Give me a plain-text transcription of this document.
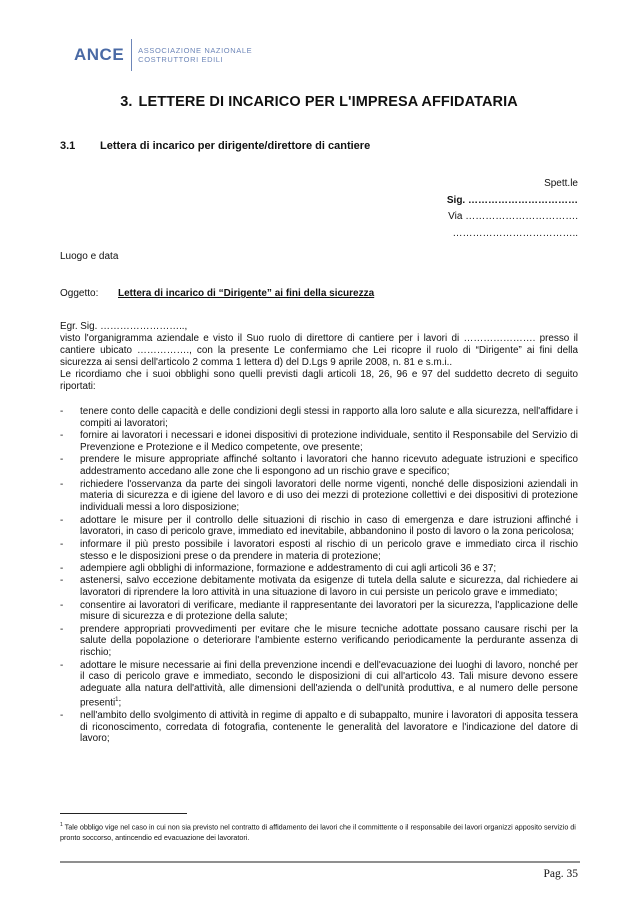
ANCE ASSOCIAZIONE NAZIONALE
COSTRUTTORI EDILI
3. LETTERE DI INCARICO PER L'IMPRESA AFFIDATARIA
3.1 Lettera di incarico per dirigente/direttore di cantiere
Spett.le
Sig. ……………………………
Via …………………………….
………………………………..
Luogo e data
Oggetto: Lettera di incarico di “Dirigente” ai fini della sicurezza

Egr. Sig. ……………………..,

visto l'organigramma aziendale e visto il Suo ruolo di direttore di cantiere per i lavori di …………………. presso il cantiere ubicato ……………., con la presente Le confermiamo che Lei ricopre il ruolo di “Dirigente” ai fini della sicurezza ai sensi dell'articolo 2 comma 1 lettera d) del D.Lgs 9 aprile 2008, n. 81 e s.m.i..

Le ricordiamo che i suoi obblighi sono quelli previsti dagli articoli 18, 26, 96 e 97 del suddetto decreto di seguito riportati:

- tenere conto delle capacità e delle condizioni degli stessi in rapporto alla loro salute e alla sicurezza, nell'affidare i compiti ai lavoratori;
- fornire ai lavoratori i necessari e idonei dispositivi di protezione individuale, sentito il Responsabile del Servizio di Prevenzione e Protezione e il Medico competente, ove presente;
- prendere le misure appropriate affinché soltanto i lavoratori che hanno ricevuto adeguate istruzioni e specifico addestramento accedano alle zone che li espongono ad un rischio grave e specifico;
- richiedere l'osservanza da parte dei singoli lavoratori delle norme vigenti, nonché delle disposizioni aziendali in materia di sicurezza e di igiene del lavoro e di uso dei mezzi di protezione collettivi e dei dispositivi di protezione individuali messi a loro disposizione;
- adottare le misure per il controllo delle situazioni di rischio in caso di emergenza e dare istruzioni affinché i lavoratori, in caso di pericolo grave, immediato ed inevitabile, abbandonino il posto di lavoro o la zona pericolosa;
- informare il più presto possibile i lavoratori esposti al rischio di un pericolo grave e immediato circa il rischio stesso e le disposizioni prese o da prendere in materia di protezione;
- adempiere agli obblighi di informazione, formazione e addestramento di cui agli articoli 36 e 37;
- astenersi, salvo eccezione debitamente motivata da esigenze di tutela della salute e sicurezza, dal richiedere ai lavoratori di riprendere la loro attività in una situazione di lavoro in cui persiste un pericolo grave e immediato;
- consentire ai lavoratori di verificare, mediante il rappresentante dei lavoratori per la sicurezza, l'applicazione delle misure di sicurezza e di protezione della salute;
- prendere appropriati provvedimenti per evitare che le misure tecniche adottate possano causare rischi per la salute della popolazione o deteriorare l'ambiente esterno verificando periodicamente la perdurante assenza di rischio;
- adottare le misure necessarie ai fini della prevenzione incendi e dell'evacuazione dei luoghi di lavoro, nonché per il caso di pericolo grave e immediato, secondo le disposizioni di cui all'articolo 43. Tali misure devono essere adeguate alla natura dell'attività, alle dimensioni dell'azienda o dell'unità produttiva, e al numero delle persone presenti$^1$;
- nell'ambito dello svolgimento di attività in regime di appalto e di subappalto, munire i lavoratori di apposita tessera di riconoscimento, corredata di fotografia, contenente le generalità del lavoratore e l'indicazione del datore di lavoro;
$^1$ Tale obbligo vige nel caso in cui non sia previsto nel contratto di affidamento dei lavori che il committente o il responsabile dei lavori organizzi apposito servizio di pronto soccorso, antincendio ed evacuazione dei lavoratori.
Pag. 35
